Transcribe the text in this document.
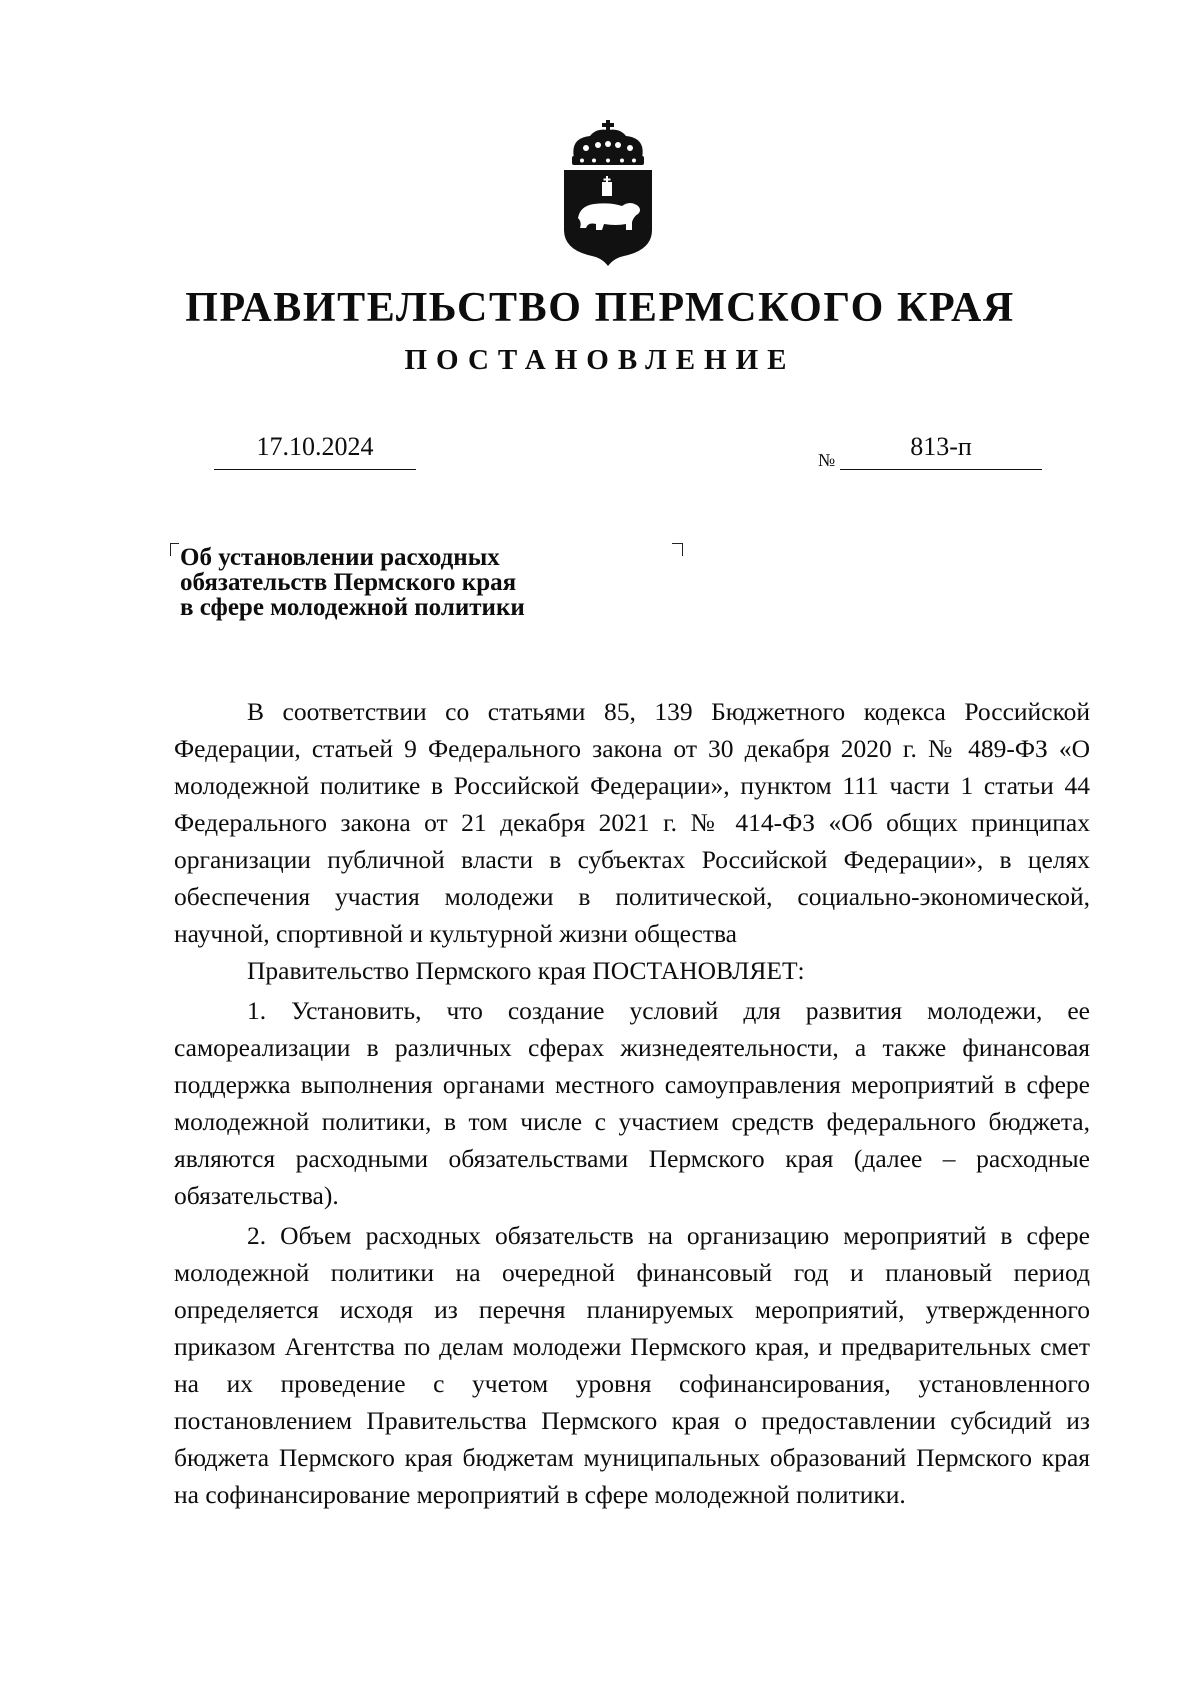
ПРАВИТЕЛЬСТВО ПЕРМСКОГО КРАЯ
ПОСТАНОВЛЕНИЕ
17.10.2024	№	813-п
Об установлении расходных
обязательств Пермского края
в сфере молодежной политики

В соответствии со статьями 85, 139 Бюджетного кодекса Российской Федерации, статьей 9 Федерального закона от 30 декабря 2020 г. № 489-ФЗ «О молодежной политике в Российской Федерации», пунктом 111 части 1 статьи 44 Федерального закона от 21 декабря 2021 г. № 414-ФЗ «Об общих принципах организации публичной власти в субъектах Российской Федерации», в целях обеспечения участия молодежи в политической, социально-экономической, научной, спортивной и культурной жизни общества

Правительство Пермского края ПОСТАНОВЛЯЕТ:

1. Установить, что создание условий для развития молодежи, ее самореализации в различных сферах жизнедеятельности, а также финансовая поддержка выполнения органами местного самоуправления мероприятий в сфере молодежной политики, в том числе с участием средств федерального бюджета, являются расходными обязательствами Пермского края (далее – расходные обязательства).

2. Объем расходных обязательств на организацию мероприятий в сфере молодежной политики на очередной финансовый год и плановый период определяется исходя из перечня планируемых мероприятий, утвержденного приказом Агентства по делам молодежи Пермского края, и предварительных смет на их проведение с учетом уровня софинансирования, установленного постановлением Правительства Пермского края о предоставлении субсидий из бюджета Пермского края бюджетам муниципальных образований Пермского края на софинансирование мероприятий в сфере молодежной политики.
